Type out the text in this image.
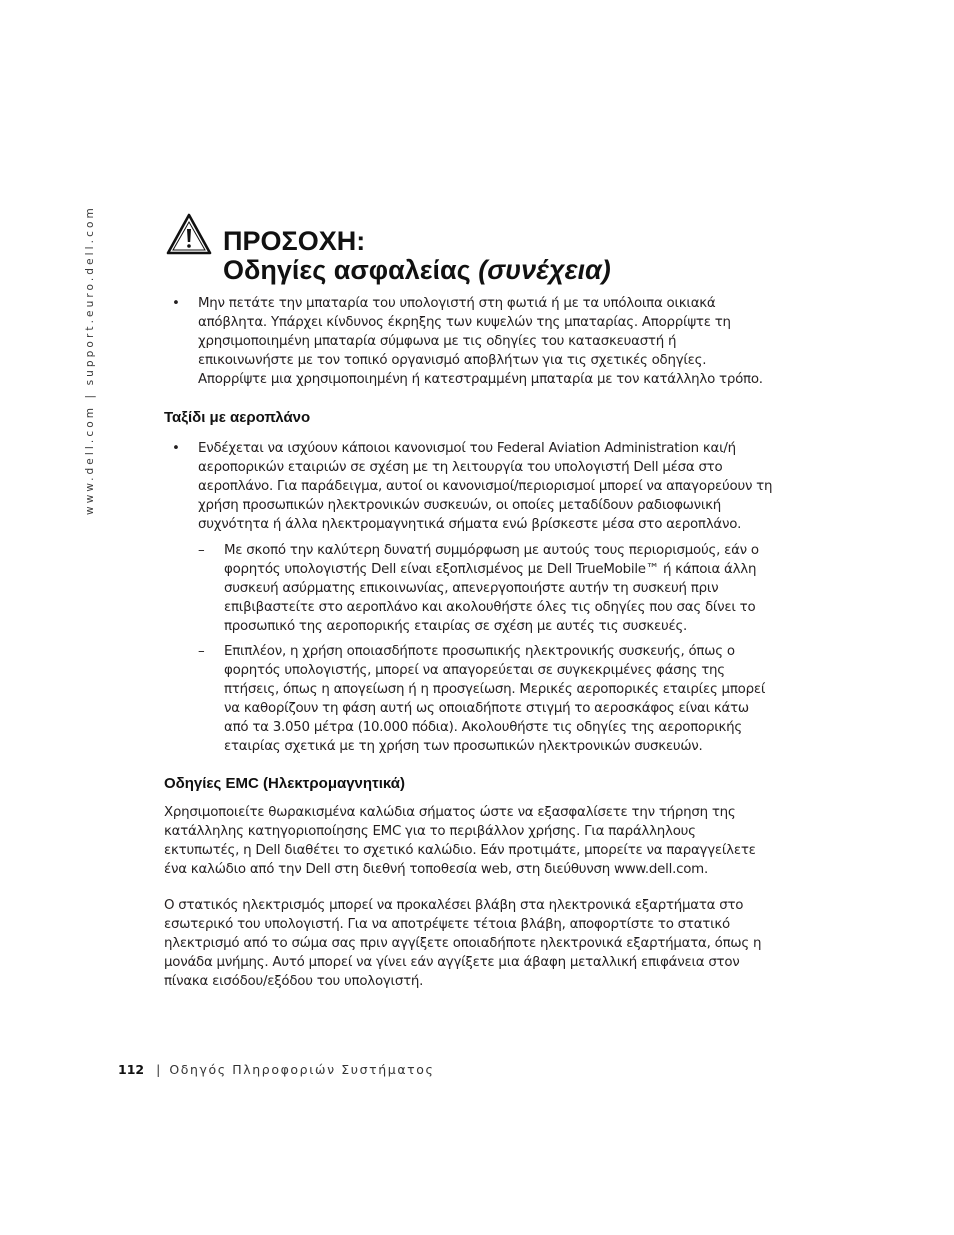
www.dell.com | support.euro.dell.com	ΠΡΟΣΟΧΗ:
Οδηγίες ασφαλείας (συνέχεια)
• Μην πετάτε την μπαταρία του υπολογιστή στη φωτιά ή με τα υπόλοιπα οικιακά απόβλητα. Υπάρχει κίνδυνος έκρηξης των κυψελών της μπαταρίας. Απορρίψτε τη χρησιμοποιημένη μπαταρία σύμφωνα με τις οδηγίες του κατασκευαστή ή επικοινωνήστε με τον τοπικό οργανισμό αποβλήτων για τις σχετικές οδηγίες. Απορρίψτε μια χρησιμοποιημένη ή κατεστραμμένη μπαταρία με τον κατάλληλο τρόπο.
Ταξίδι με αεροπλάνο
• Ενδέχεται να ισχύουν κάποιοι κανονισμοί του Federal Aviation Administration και/ή αεροπορικών εταιριών σε σχέση με τη λειτουργία του υπολογιστή Dell μέσα στο αεροπλάνο. Για παράδειγμα, αυτοί οι κανονισμοί/περιορισμοί μπορεί να απαγορεύουν τη χρήση προσωπικών ηλεκτρονικών συσκευών, οι οποίες μεταδίδουν ραδιοφωνική συχνότητα ή άλλα ηλεκτρομαγνητικά σήματα ενώ βρίσκεστε μέσα στο αεροπλάνο.
– Με σκοπό την καλύτερη δυνατή συμμόρφωση με αυτούς τους περιορισμούς, εάν ο φορητός υπολογιστής Dell είναι εξοπλισμένος με Dell TrueMobile™ ή κάποια άλλη συσκευή ασύρματης επικοινωνίας, απενεργοποιήστε αυτήν τη συσκευή πριν επιβιβαστείτε στο αεροπλάνο και ακολουθήστε όλες τις οδηγίες που σας δίνει το προσωπικό της αεροπορικής εταιρίας σε σχέση με αυτές τις συσκευές.
– Επιπλέον, η χρήση οποιασδήποτε προσωπικής ηλεκτρονικής συσκευής, όπως ο φορητός υπολογιστής, μπορεί να απαγορεύεται σε συγκεκριμένες φάσης της πτήσεις, όπως η απογείωση ή η προσγείωση. Μερικές αεροπορικές εταιρίες μπορεί να καθορίζουν τη φάση αυτή ως οποιαδήποτε στιγμή το αεροσκάφος είναι κάτω από τα 3.050 μέτρα (10.000 πόδια). Ακολουθήστε τις οδηγίες της αεροπορικής εταιρίας σχετικά με τη χρήση των προσωπικών ηλεκτρονικών συσκευών.
Οδηγίες EMC (Ηλεκτρομαγνητικά)
Χρησιμοποιείτε θωρακισμένα καλώδια σήματος ώστε να εξασφαλίσετε την τήρηση της κατάλληλης κατηγοριοποίησης EMC για το περιβάλλον χρήσης. Για παράλληλους εκτυπωτές, η Dell διαθέτει το σχετικό καλώδιο. Εάν προτιμάτε, μπορείτε να παραγγείλετε ένα καλώδιο από την Dell στη διεθνή τοποθεσία web, στη διεύθυνση www.dell.com.
Ο στατικός ηλεκτρισμός μπορεί να προκαλέσει βλάβη στα ηλεκτρονικά εξαρτήματα στο εσωτερικό του υπολογιστή. Για να αποτρέψετε τέτοια βλάβη, αποφορτίστε το στατικό ηλεκτρισμό από το σώμα σας πριν αγγίξετε οποιαδήποτε ηλεκτρονικά εξαρτήματα, όπως η μονάδα μνήμης. Αυτό μπορεί να γίνει εάν αγγίξετε μια άβαφη μεταλλική επιφάνεια στον πίνακα εισόδου/εξόδου του υπολογιστή.
112 | Οδηγός Πληροφοριών Συστήματος
